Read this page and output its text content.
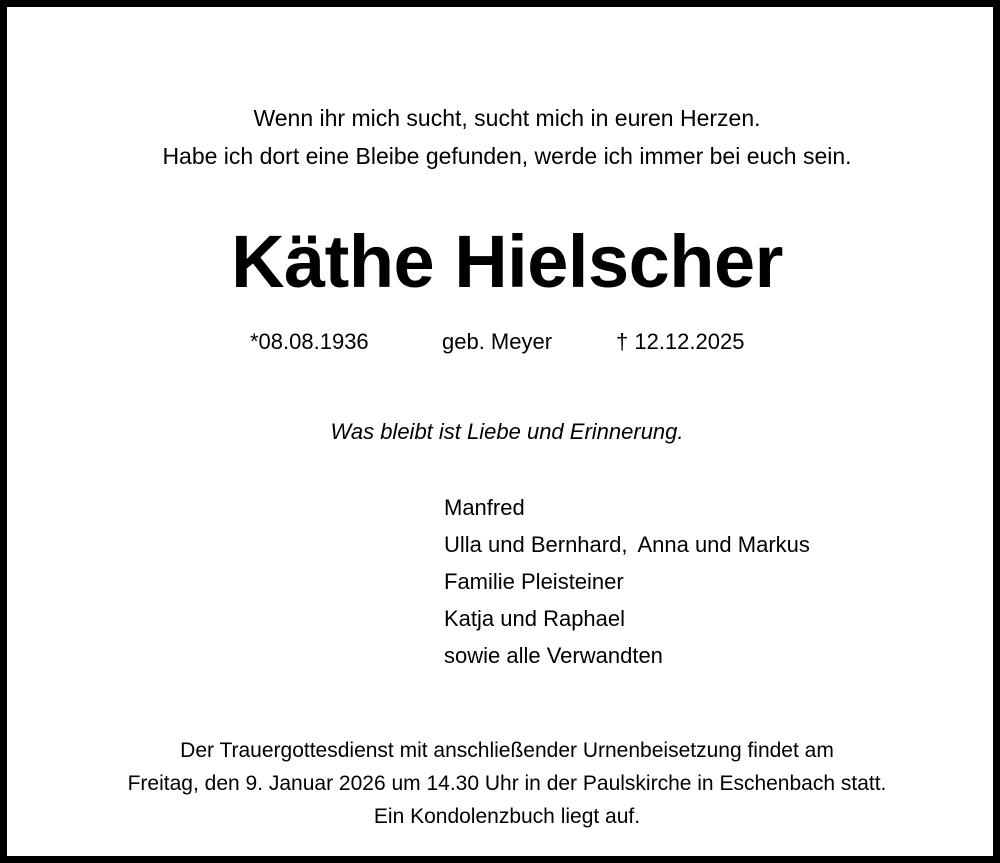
Wenn ihr mich sucht, sucht mich in euren Herzen.
Habe ich dort eine Bleibe gefunden, werde ich immer bei euch sein.
Käthe Hielscher
*08.08.1936	geb. Meyer	† 12.12.2025
Was bleibt ist Liebe und Erinnerung.
Manfred
Ulla und Bernhard, Anna und Markus
Familie Pleisteiner
Katja und Raphael
sowie alle Verwandten
Der Trauergottesdienst mit anschließender Urnenbeisetzung findet am
Freitag, den 9. Januar 2026 um 14.30 Uhr in der Paulskirche in Eschenbach statt.
Ein Kondolenzbuch liegt auf.
